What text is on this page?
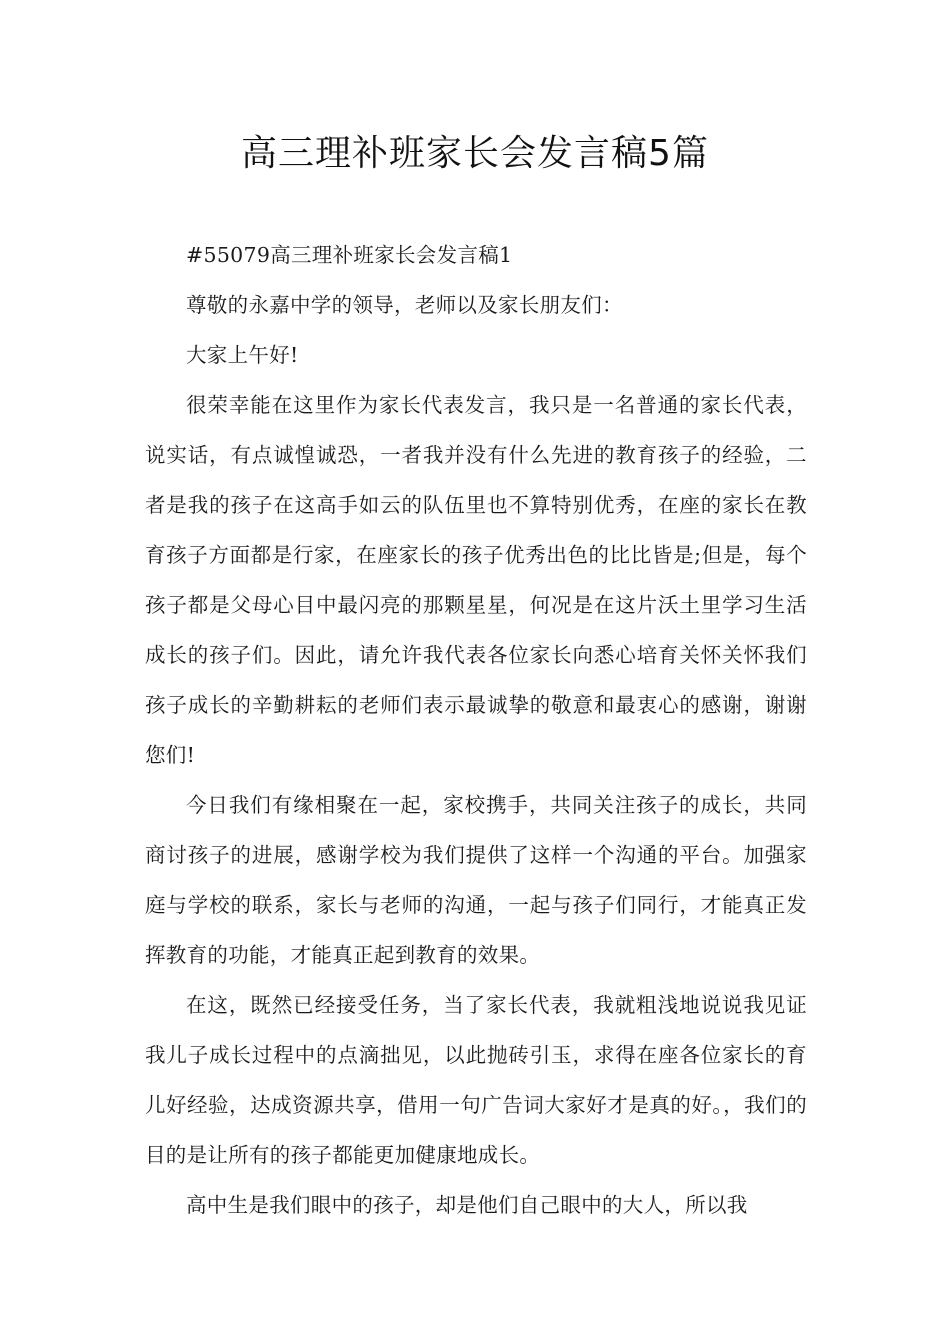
高三理补班家长会发言稿5篇

#55079高三理补班家长会发言稿1

尊敬的永嘉中学的领导，老师以及家长朋友们：

大家上午好!

很荣幸能在这里作为家长代表发言，我只是一名普通的家长代表，说实话，有点诚惶诚恐，一者我并没有什么先进的教育孩子的经验，二者是我的孩子在这高手如云的队伍里也不算特别优秀，在座的家长在教育孩子方面都是行家，在座家长的孩子优秀出色的比比皆是;但是，每个孩子都是父母心目中最闪亮的那颗星星，何况是在这片沃土里学习生活成长的孩子们。因此，请允许我代表各位家长向悉心培育关怀关怀我们孩子成长的辛勤耕耘的老师们表示最诚挚的敬意和最衷心的感谢，谢谢您们!

今日我们有缘相聚在一起，家校携手，共同关注孩子的成长，共同商讨孩子的进展，感谢学校为我们提供了这样一个沟通的平台。加强家庭与学校的联系，家长与老师的沟通，一起与孩子们同行，才能真正发挥教育的功能，才能真正起到教育的效果。

在这，既然已经接受任务，当了家长代表，我就粗浅地说说我见证我儿子成长过程中的点滴拙见，以此抛砖引玉，求得在座各位家长的育儿好经验，达成资源共享，借用一句广告词大家好才是真的好。，我们的目的是让所有的孩子都能更加健康地成长。

高中生是我们眼中的孩子，却是他们自己眼中的大人，所以我
